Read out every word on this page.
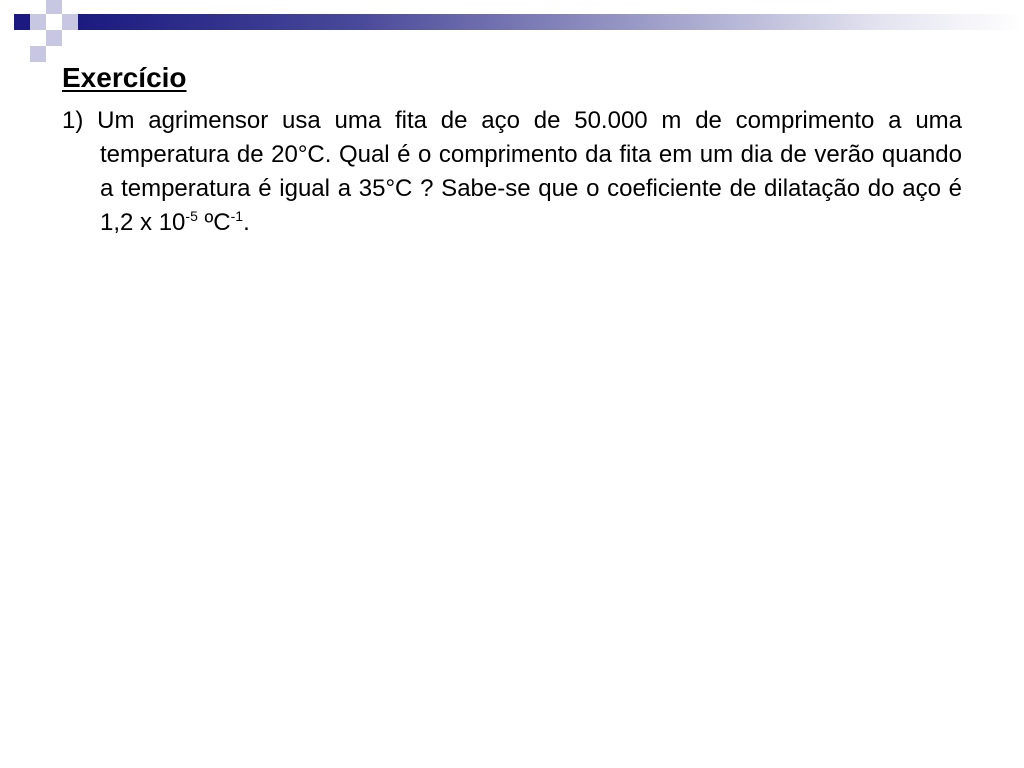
Exercício

1) Um agrimensor usa uma fita de aço de 50.000 m de comprimento a uma temperatura de 20°C. Qual é o comprimento da fita em um dia de verão quando a temperatura é igual a 35°C ? Sabe-se que o coeficiente de dilatação do aço é 1,2 x $10^{-5}$ ºC$^{-1}$.
